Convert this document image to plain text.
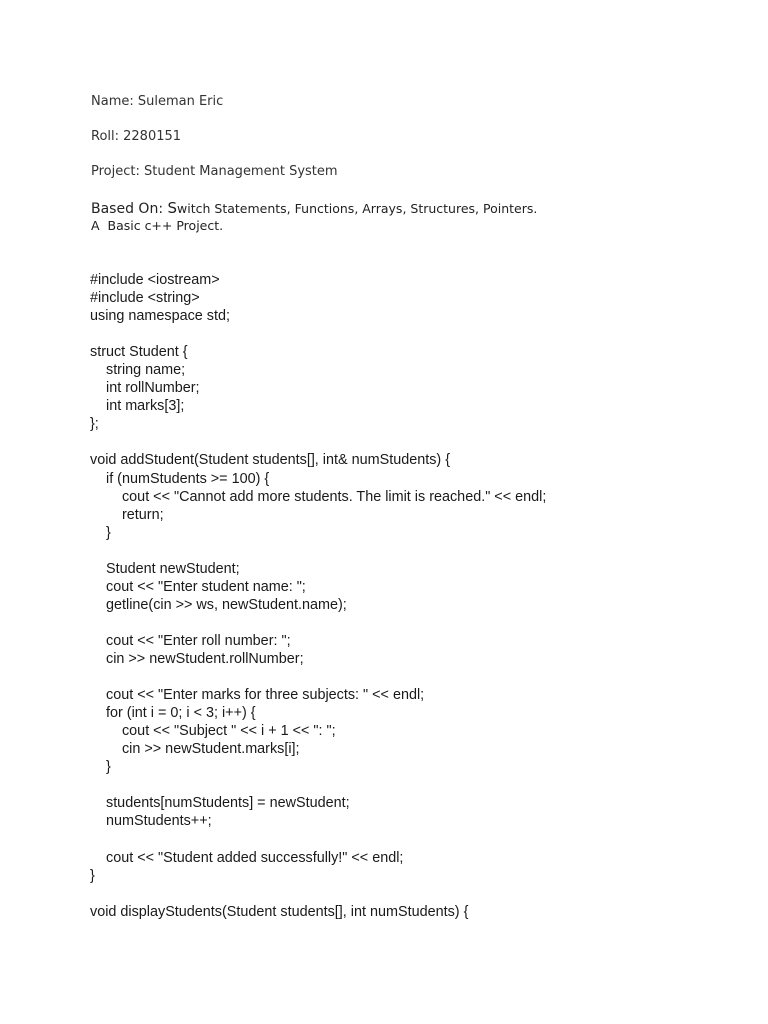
Name: Suleman Eric
Roll: 2280151
Project: Student Management System
Based On: Switch Statements, Functions, Arrays, Structures, Pointers.
A  Basic c++ Project.
#include <iostream>
#include <string>
using namespace std;
struct Student {
string name;
int rollNumber;
int marks[3];
};
void addStudent(Student students[], int& numStudents) {
if (numStudents >= 100) {
cout << "Cannot add more students. The limit is reached." << endl;
return;
}
Student newStudent;
cout << "Enter student name: ";
getline(cin >> ws, newStudent.name);
cout << "Enter roll number: ";
cin >> newStudent.rollNumber;
cout << "Enter marks for three subjects: " << endl;
for (int i = 0; i < 3; i++) {
cout << "Subject " << i + 1 << ": ";
cin >> newStudent.marks[i];
}
students[numStudents] = newStudent;
numStudents++;
cout << "Student added successfully!" << endl;
}
void displayStudents(Student students[], int numStudents) {
